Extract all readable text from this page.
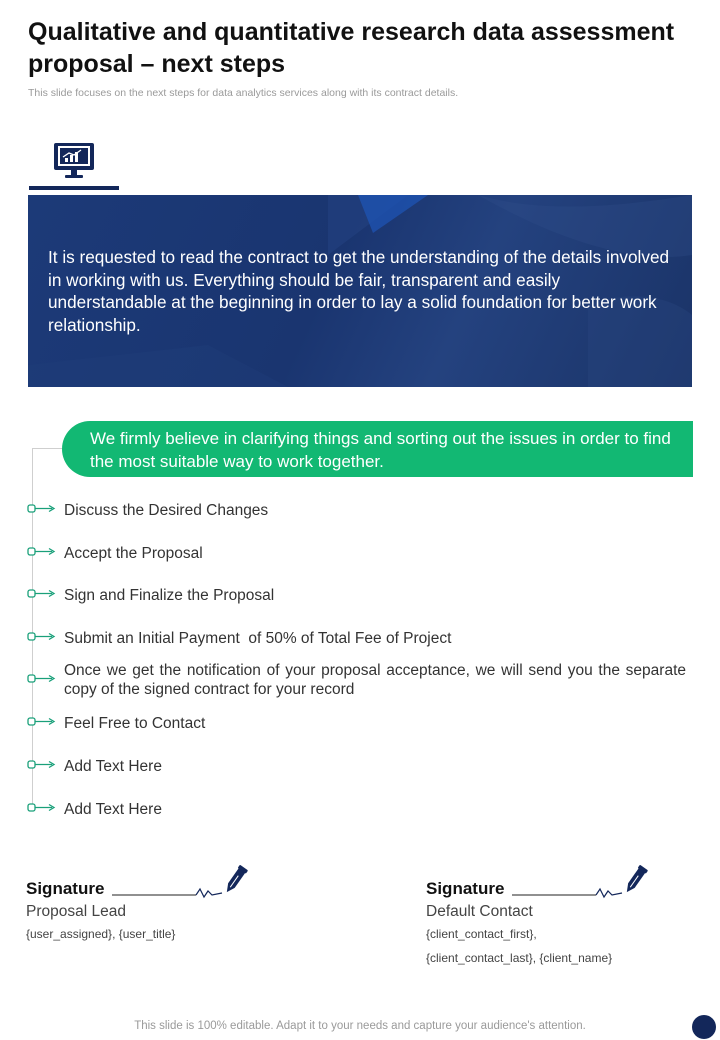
Qualitative and quantitative research data assessment proposal – next steps

This slide focuses on the next steps for data analytics services along with its contract details.

It is requested to read the contract to get the understanding of the details involved in working with us. Everything should be fair, transparent and easily understandable at the beginning in order to lay a solid foundation for better work relationship.

We firmly believe in clarifying things and sorting out the issues in order to find the most suitable way to work together.

Discuss the Desired Changes
Accept the Proposal
Sign and Finalize the Proposal
Submit an Initial Payment  of 50% of Total Fee of Project
Once we get the notification of your proposal acceptance, we will send you the separate copy of the signed contract for your record
Feel Free to Contact
Add Text Here
Add Text Here
Signature
Proposal Lead
{user_assigned}, {user_title}
Signature
Default Contact
{client_contact_first},
{client_contact_last}, {client_name}

This slide is 100% editable. Adapt it to your needs and capture your audience's attention.
